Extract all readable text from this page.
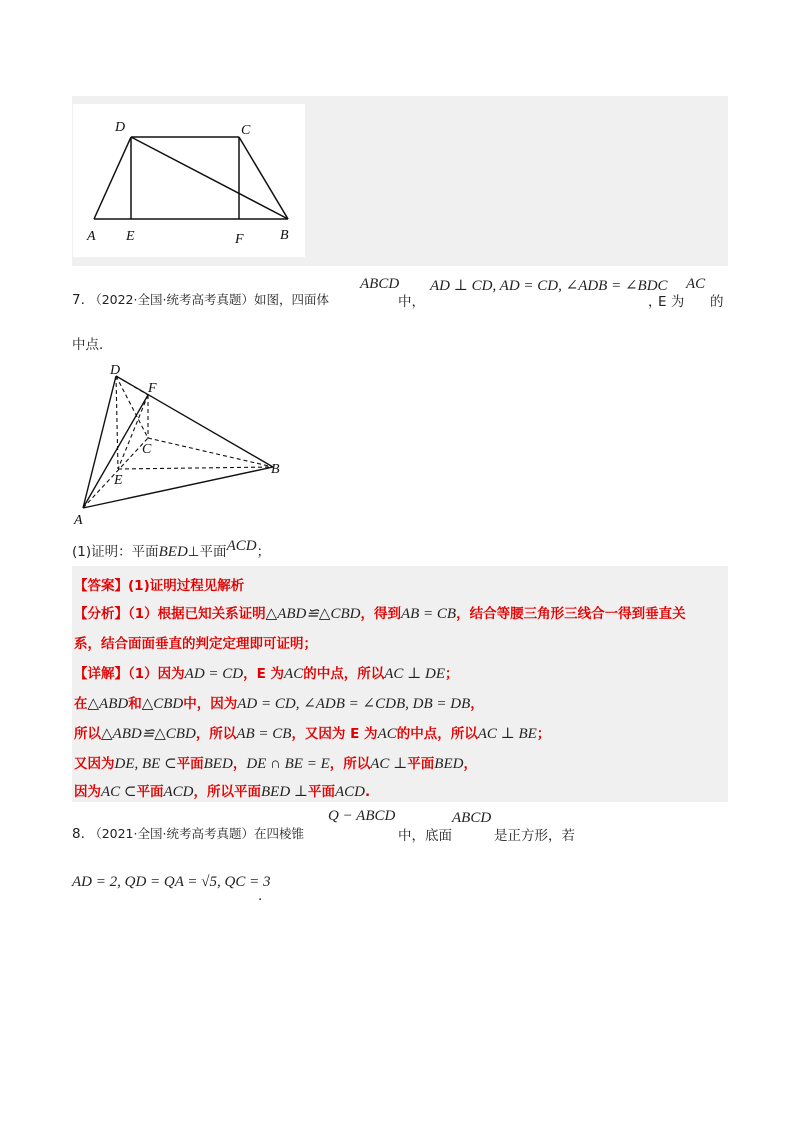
D	C
A E	F	B
7. （2022·全国·统考高考真题）如图，四面体
ABCD
中，
AD ⊥ CD, AD = CD, ∠ADB = ∠BDC
，
E 为
AC
的
中点．
D
F
C
E
B
A
(1)证明：平面BED⊥平面ACD；
【答案】(1)证明过程见解析
【分析】（1）根据已知关系证明△ABD≌△CBD，得到AB = CB，结合等腰三角形三线合一得到垂直关
系，结合面面垂直的判定定理即可证明；
【详解】（1）因为AD = CD，E 为AC的中点，所以AC ⊥ DE；
在△ABD和△CBD中，因为AD = CD, ∠ADB = ∠CDB, DB = DB，
所以△ABD≌△CBD，所以AB = CB，又因为 E 为AC的中点，所以AC ⊥ BE；
又因为DE, BE ⊂平面BED，DE ∩ BE = E，所以AC ⊥平面BED，
因为AC ⊂平面ACD，所以平面BED ⊥平面ACD.
8. （2021·全国·统考高考真题）在四棱锥
Q − ABCD
中，底面
ABCD
是正方形，若
AD = 2, QD = QA = √5, QC = 3
.
